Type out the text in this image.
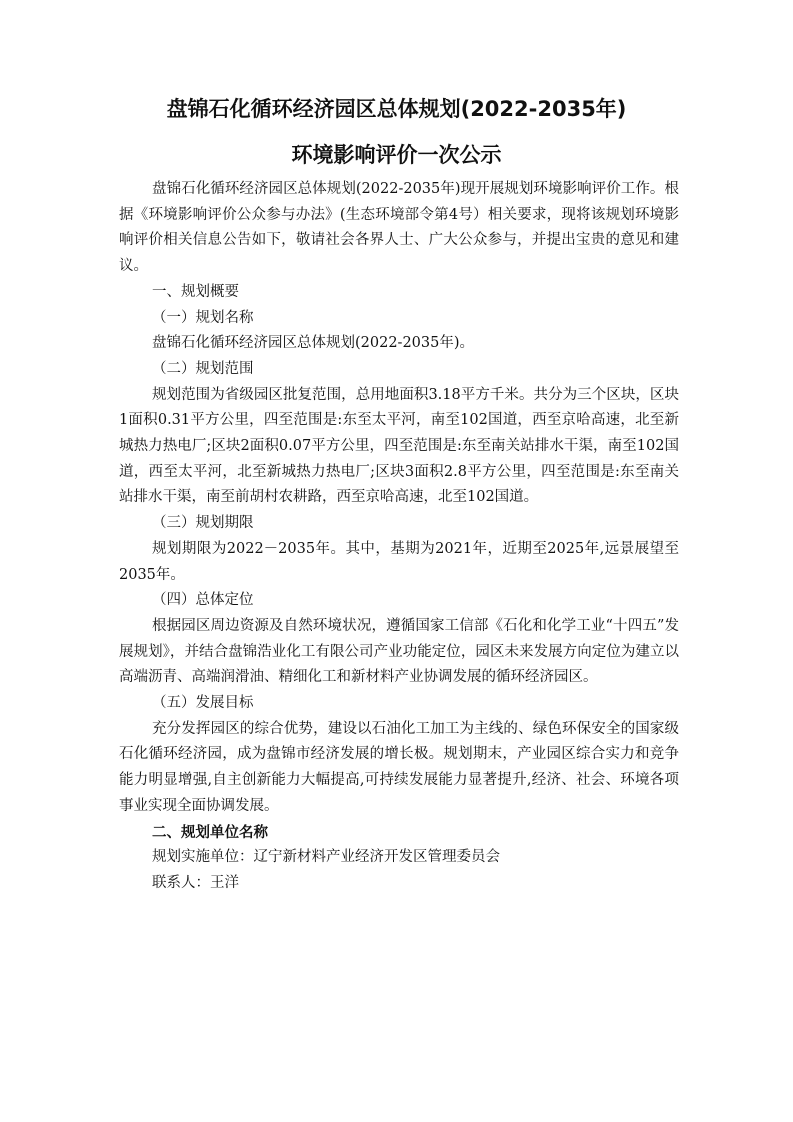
盘锦石化循环经济园区总体规划(2022-2035年)
环境影响评价一次公示

盘锦石化循环经济园区总体规划(2022-2035年)现开展规划环境影响评价工作。根据《环境影响评价公众参与办法》(生态环境部令第4号）相关要求，现将该规划环境影响评价相关信息公告如下，敬请社会各界人士、广大公众参与，并提出宝贵的意见和建议。

一、规划概要

（一）规划名称

盘锦石化循环经济园区总体规划(2022-2035年)。

（二）规划范围

规划范围为省级园区批复范围，总用地面积3.18平方千米。共分为三个区块，区块1面积0.31平方公里，四至范围是:东至太平河，南至102国道，西至京哈高速，北至新城热力热电厂;区块2面积0.07平方公里，四至范围是:东至南关站排水干渠，南至102国道，西至太平河，北至新城热力热电厂;区块3面积2.8平方公里，四至范围是:东至南关站排水干渠，南至前胡村农耕路，西至京哈高速，北至102国道。

（三）规划期限

规划期限为2022－2035年。其中，基期为2021年，近期至2025年,远景展望至2035年。

（四）总体定位

根据园区周边资源及自然环境状况，遵循国家工信部《石化和化学工业“十四五”发展规划》，并结合盘锦浩业化工有限公司产业功能定位，园区未来发展方向定位为建立以高端沥青、高端润滑油、精细化工和新材料产业协调发展的循环经济园区。

（五）发展目标

充分发挥园区的综合优势，建设以石油化工加工为主线的、绿色环保安全的国家级石化循环经济园，成为盘锦市经济发展的增长极。规划期末，产业园区综合实力和竞争能力明显增强,自主创新能力大幅提高,可持续发展能力显著提升,经济、社会、环境各项事业实现全面协调发展。

二、规划单位名称

规划实施单位：辽宁新材料产业经济开发区管理委员会

联系人：王洋
